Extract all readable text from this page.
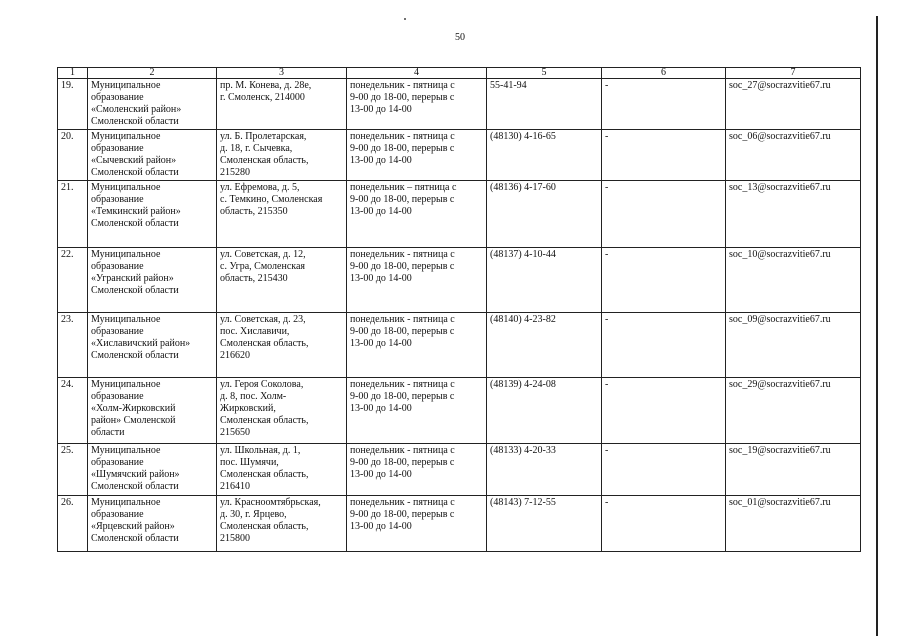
50
1	2	3	4	5	6	7
19.	Муниципальное
образование
«Смоленский район»
Смоленской области	пр. М. Конева, д. 28е,
г. Смоленск, 214000	понедельник - пятница с
9-00 до 18-00, перерыв с
13-00 до 14-00	55-41-94	-	soc_27@socrazvitie67.ru
20.	Муниципальное
образование
«Сычевский район»
Смоленской области	ул. Б. Пролетарская,
д. 18, г. Сычевка,
Смоленская область,
215280	понедельник - пятница с
9-00 до 18-00, перерыв с
13-00 до 14-00	(48130) 4-16-65	-	soc_06@socrazvitie67.ru
21.	Муниципальное
образование
«Темкинский район»
Смоленской области	ул. Ефремова, д. 5,
с. Темкино, Смоленская
область, 215350	понедельник – пятница с
9-00 до 18-00, перерыв с
13-00 до 14-00	(48136) 4-17-60	-	soc_13@socrazvitie67.ru
22.	Муниципальное
образование
«Угранский район»
Смоленской области	ул. Советская, д. 12,
с. Угра, Смоленская
область, 215430	понедельник - пятница с
9-00 до 18-00, перерыв с
13-00 до 14-00	(48137) 4-10-44	-	soc_10@socrazvitie67.ru
23.	Муниципальное
образование
«Хиславичский район»
Смоленской области	ул. Советская, д. 23,
пос. Хиславичи,
Смоленская область,
216620	понедельник - пятница с
9-00 до 18-00, перерыв с
13-00 до 14-00	(48140) 4-23-82	-	soc_09@socrazvitie67.ru
24.	Муниципальное
образование
«Холм-Жирковский
район» Смоленской
области	ул. Героя Соколова,
д. 8, пос. Холм-
Жирковский,
Смоленская область,
215650	понедельник - пятница с
9-00 до 18-00, перерыв с
13-00 до 14-00	(48139) 4-24-08	-	soc_29@socrazvitie67.ru
25.	Муниципальное
образование
«Шумячский район»
Смоленской области	ул. Школьная, д. 1,
пос. Шумячи,
Смоленская область,
216410	понедельник - пятница с
9-00 до 18-00, перерыв с
13-00 до 14-00	(48133) 4-20-33	-	soc_19@socrazvitie67.ru
26.	Муниципальное
образование
«Ярцевский район»
Смоленской области	ул. Красноомтябрьская,
д. 30, г. Ярцево,
Смоленская область,
215800	понедельник - пятница с
9-00 до 18-00, перерыв с
13-00 до 14-00	(48143) 7-12-55	-	soc_01@socrazvitie67.ru
